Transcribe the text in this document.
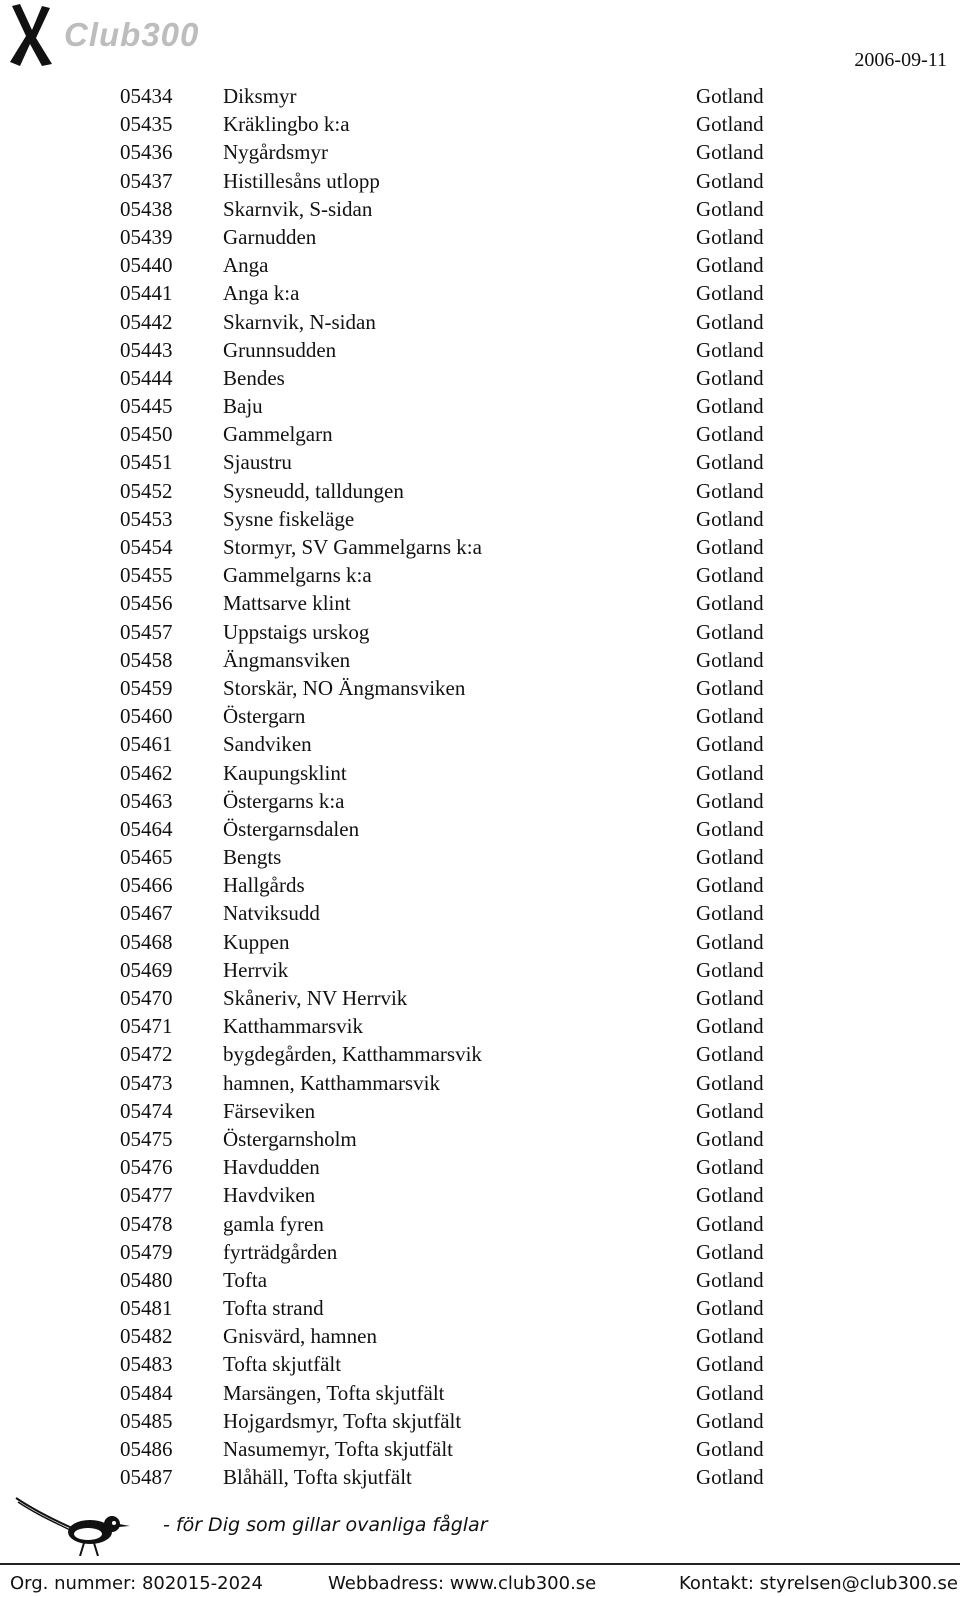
Club300
2006-09-11
05434 Diksmyr	Gotland
05435 Kräklingbo k:a	Gotland
05436 Nygårdsmyr	Gotland
05437 Histillesåns utlopp	Gotland
05438 Skarnvik, S-sidan	Gotland
05439 Garnudden	Gotland
05440 Anga	Gotland
05441 Anga k:a	Gotland
05442 Skarnvik, N-sidan	Gotland
05443 Grunnsudden	Gotland
05444 Bendes	Gotland
05445 Baju	Gotland
05450 Gammelgarn	Gotland
05451 Sjaustru	Gotland
05452 Sysneudd, talldungen	Gotland
05453 Sysne fiskeläge	Gotland
05454 Stormyr, SV Gammelgarns k:a	Gotland
05455 Gammelgarns k:a	Gotland
05456 Mattsarve klint	Gotland
05457 Uppstaigs urskog	Gotland
05458 Ängmansviken	Gotland
05459 Storskär, NO Ängmansviken	Gotland
05460 Östergarn	Gotland
05461 Sandviken	Gotland
05462 Kaupungsklint	Gotland
05463 Östergarns k:a	Gotland
05464 Östergarnsdalen	Gotland
05465 Bengts	Gotland
05466 Hallgårds	Gotland
05467 Natviksudd	Gotland
05468 Kuppen	Gotland
05469 Herrvik	Gotland
05470 Skåneriv, NV Herrvik	Gotland
05471 Katthammarsvik	Gotland
05472 bygdegården, Katthammarsvik	Gotland
05473 hamnen, Katthammarsvik	Gotland
05474 Färseviken	Gotland
05475 Östergarnsholm	Gotland
05476 Havdudden	Gotland
05477 Havdviken	Gotland
05478 gamla fyren	Gotland
05479 fyrträdgården	Gotland
05480 Tofta	Gotland
05481 Tofta strand	Gotland
05482 Gnisvärd, hamnen	Gotland
05483 Tofta skjutfält	Gotland
05484 Marsängen, Tofta skjutfält	Gotland
05485 Hojgardsmyr, Tofta skjutfält	Gotland
05486 Nasumemyr, Tofta skjutfält	Gotland
05487 Blåhäll, Tofta skjutfält	Gotland
- för Dig som gillar ovanliga fåglar
Org. nummer: 802015-2024	Webbadress: www.club300.se	Kontakt: styrelsen@club300.se
